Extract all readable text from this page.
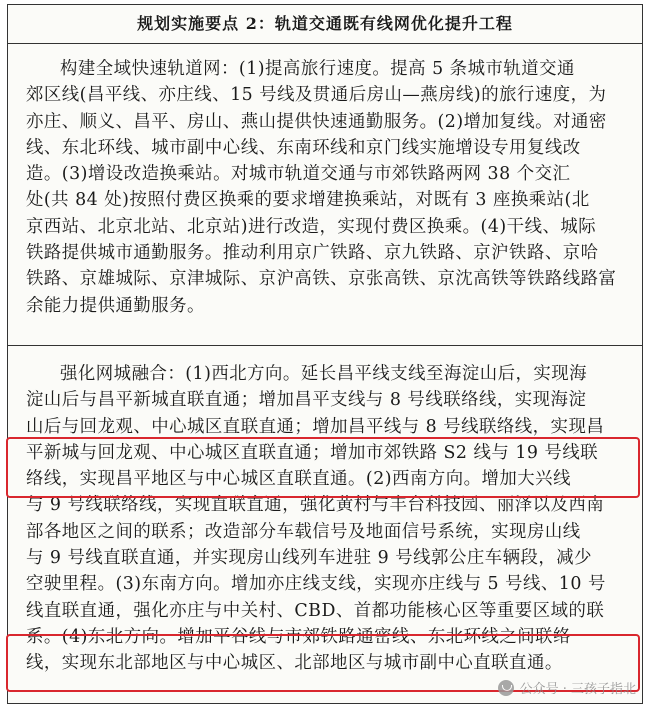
规划实施要点 2：轨道交通既有线网优化提升工程
构建全域快速轨道网：(1)提高旅行速度。提高 5 条城市轨道交通
郊区线(昌平线、亦庄线、15 号线及贯通后房山—燕房线)的旅行速度，为
亦庄、顺义、昌平、房山、燕山提供快速通勤服务。(2)增加复线。对通密
线、东北环线、城市副中心线、东南环线和京门线实施增设专用复线改
造。(3)增设改造换乘站。对城市轨道交通与市郊铁路两网 38 个交汇
处(共 84 处)按照付费区换乘的要求增建换乘站，对既有 3 座换乘站(北
京西站、北京北站、北京站)进行改造，实现付费区换乘。(4)干线、城际
铁路提供城市通勤服务。推动利用京广铁路、京九铁路、京沪铁路、京哈
铁路、京雄城际、京津城际、京沪高铁、京张高铁、京沈高铁等铁路线路富
余能力提供通勤服务。
强化网城融合：(1)西北方向。延长昌平线支线至海淀山后，实现海
淀山后与昌平新城直联直通；增加昌平支线与 8 号线联络线，实现海淀
山后与回龙观、中心城区直联直通；增加昌平线与 8 号线联络线，实现昌
平新城与回龙观、中心城区直联直通；增加市郊铁路 S2 线与 19 号线联
络线，实现昌平地区与中心城区直联直通。(2)西南方向。增加大兴线
与 9 号线联络线，实现直联直通，强化黄村与丰台科技园、丽泽以及西南
部各地区之间的联系；改造部分车载信号及地面信号系统，实现房山线
与 9 号线直联直通，并实现房山线列车进驻 9 号线郭公庄车辆段，减少
空驶里程。(3)东南方向。增加亦庄线支线，实现亦庄线与 5 号线、10 号
线直联直通，强化亦庄与中关村、CBD、首都功能核心区等重要区域的联
系。(4)东北方向。增加平谷线与市郊铁路通密线、东北环线之间联络
线，实现东北部地区与中心城区、北部地区与城市副中心直联直通。
公众号 · 三孩子指北
